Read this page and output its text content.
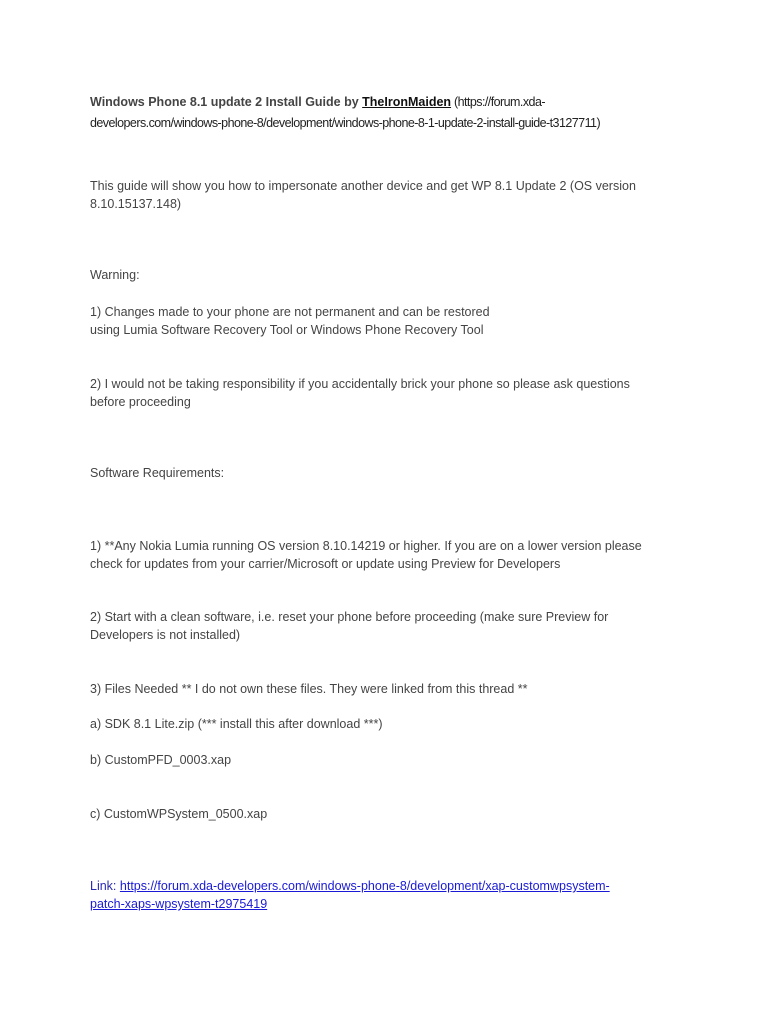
Windows Phone 8.1 update 2 Install Guide by TheIronMaiden (https://forum.xda-
developers.com/windows-phone-8/development/windows-phone-8-1-update-2-install-guide-t3127711)

This guide will show you how to impersonate another device and get WP 8.1 Update 2 (OS version
8.10.15137.148)

Warning:

1) Changes made to your phone are not permanent and can be restored
using Lumia Software Recovery Tool or Windows Phone Recovery Tool

2) I would not be taking responsibility if you accidentally brick your phone so please ask questions
before proceeding

Software Requirements:

1) **Any Nokia Lumia running OS version 8.10.14219 or higher. If you are on a lower version please
check for updates from your carrier/Microsoft or update using Preview for Developers

2) Start with a clean software, i.e. reset your phone before proceeding (make sure Preview for
Developers is not installed)

3) Files Needed ** I do not own these files. They were linked from this thread **

a) SDK 8.1 Lite.zip (*** install this after download ***)

b) CustomPFD_0003.xap

c) CustomWPSystem_0500.xap

Link: https://forum.xda-developers.com/windows-phone-8/development/xap-customwpsystem-
patch-xaps-wpsystem-t2975419
